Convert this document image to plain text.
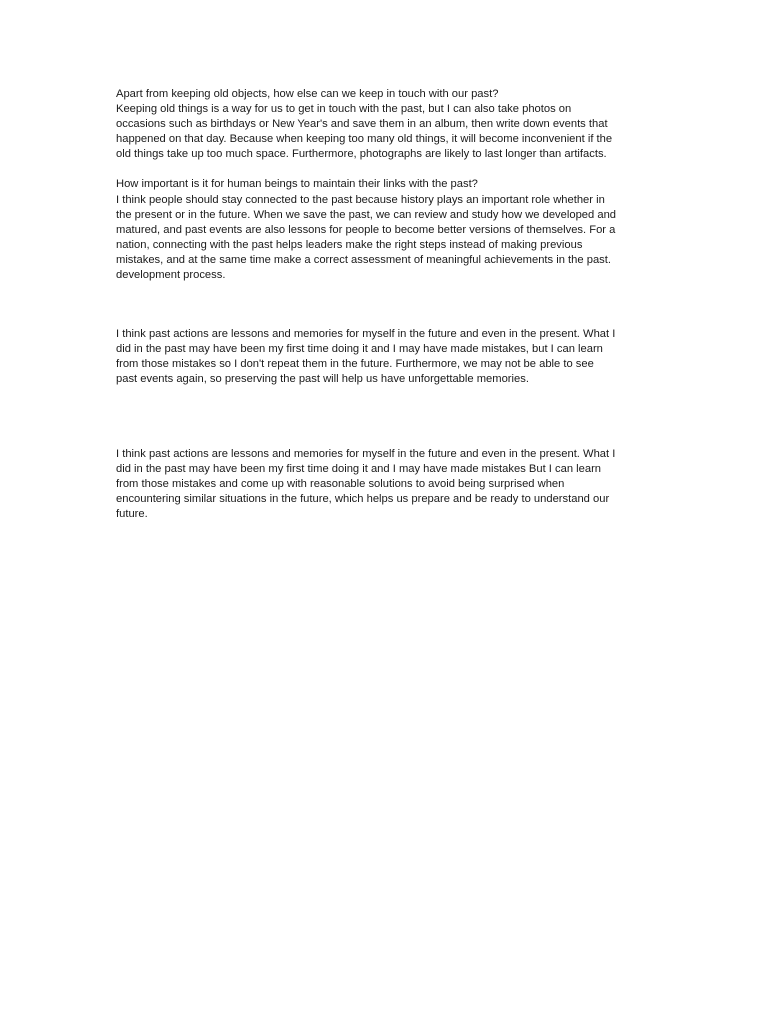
Apart from keeping old objects, how else can we keep in touch with our past?
Keeping old things is a way for us to get in touch with the past, but I can also take photos on
occasions such as birthdays or New Year's and save them in an album, then write down events that
happened on that day. Because when keeping too many old things, it will become inconvenient if the
old things take up too much space. Furthermore, photographs are likely to last longer than artifacts.
How important is it for human beings to maintain their links with the past?
I think people should stay connected to the past because history plays an important role whether in
the present or in the future. When we save the past, we can review and study how we developed and
matured, and past events are also lessons for people to become better versions of themselves. For a
nation, connecting with the past helps leaders make the right steps instead of making previous
mistakes, and at the same time make a correct assessment of meaningful achievements in the past.
development process.
I think past actions are lessons and memories for myself in the future and even in the present. What I
did in the past may have been my first time doing it and I may have made mistakes, but I can learn
from those mistakes so I don't repeat them in the future. Furthermore, we may not be able to see
past events again, so preserving the past will help us have unforgettable memories.
I think past actions are lessons and memories for myself in the future and even in the present. What I
did in the past may have been my first time doing it and I may have made mistakes But I can learn
from those mistakes and come up with reasonable solutions to avoid being surprised when
encountering similar situations in the future, which helps us prepare and be ready to understand our
future.
